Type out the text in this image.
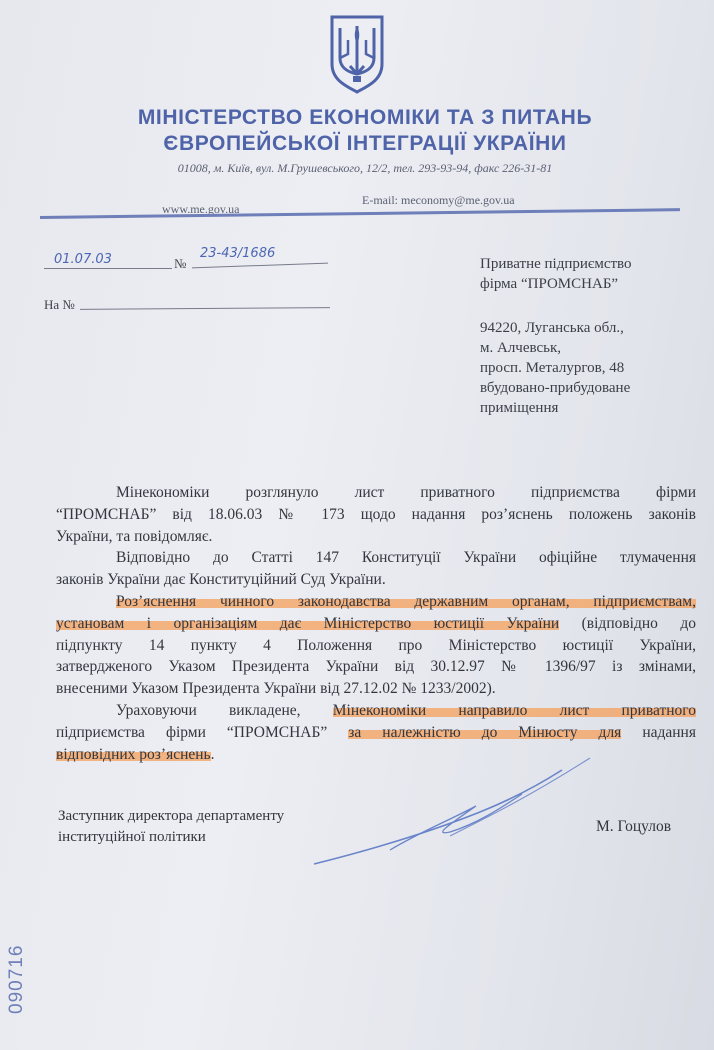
МІНІСТЕРСТВО ЕКОНОМІКИ ТА З ПИТАНЬ
ЄВРОПЕЙСЬКОЇ ІНТЕГРАЦІЇ УКРАЇНИ
01008, м. Київ, вул. М.Грушевського, 12/2, тел. 293-93-94, факс 226-31-81
www.me.gov.ua
E-mail: meconomy@me.gov.ua
01.07.03	№
23-43/1686
На №
Приватне підприємство
фірма “ПРОМСНАБ”
94220, Луганська обл.,
м. Алчевськ,
просп. Металургов, 48
вбудовано-прибудоване
приміщення
Мінекономіки розглянуло лист приватного підприємства фірми
“ПРОМСНАБ” від 18.06.03 № 173 щодо надання роз’яснень положень законів
України, та повідомляє.
Відповідно до Статті 147 Конституції України офіційне тлумачення
законів України дає Конституційний Суд України.
Роз’яснення чинного законодавства державним органам, підприємствам,
установам і організаціям дає Міністерство юстиції України (відповідно до
підпункту 14 пункту 4 Положення про Міністерство юстиції України,
затвердженого Указом Президента України від 30.12.97 № 1396/97 із змінами,
внесеними Указом Президента України від 27.12.02 № 1233/2002).
Ураховуючи викладене, Мінекономіки направило лист приватного
підприємства фірми “ПРОМСНАБ” за належністю до Мінюсту для надання
відповідних роз’яснень.
Заступник директора департаменту
інституційної політики
М. Гоцулов
090716
